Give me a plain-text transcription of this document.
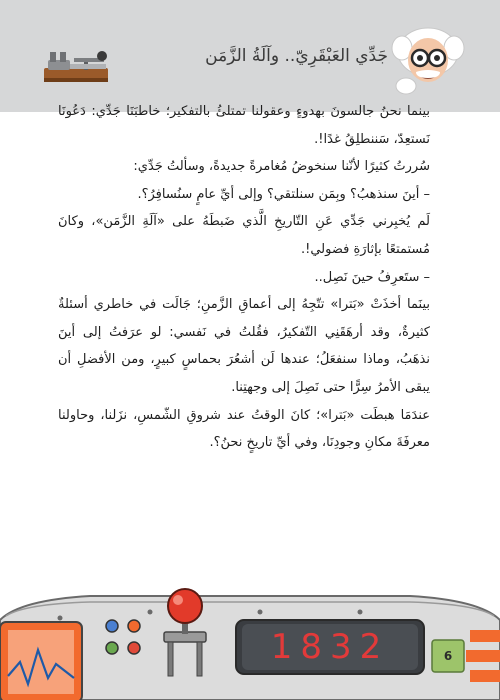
جَدِّي العَبْقَرِيّ.. وآلَةُ الزَّمَن

بينما نحنُ جالسونَ بهدوءٍ وعقولنا تمتلئُ بالتفكير؛ خاطبَنَا جَدِّي: دَعُونَا نَستعِدّ، سَننطلِقُ غدًا!.

سُررتُ كثيرًا لأنّنا سنخوضُ مُغامرةً جديدةً، وسألتُ جَدِّي:

– أينَ سنذهبُ؟ وبِمَن سنلتقي؟ وإلى أيِّ عامٍ سنُسافِرُ؟.

لَم يُخبِرني جَدِّي عَنِ التّاريخِ الَّذي ضَبطَهُ على «آلَةِ الزَّمَن»، وكانَ مُستمتعًا بإثارَةِ فضولي!.

– ستَعرِفُ حينَ نَصِل..

بينَما أخذَتْ «بَترا» تتّجِهُ إلى أعماقِ الزَّمنِ؛ جَالَت في خاطري أسئلةٌ كثيرةٌ، وقد أرهَقَنِي التّفكيرُ، فقُلتُ في نَفسي: لو عرَفتُ إلى أينَ نذهَبُ، وماذا سنفعَلُ؛ عندها لَن أشعُرَ بحماسٍ كبيرٍ، ومن الأفضلِ أن يبقى الأمرُ سِرًّا حتى نَصِلَ إلى وجهتِنا.

عندَمَا هبطَت «بَترا»؛ كانَ الوقتُ عند شروقِ الشّمسِ، نزَلنا، وحاولنا معرفَةَ مكانِ وجودِنَا، وفي أيِّ تاريخٍ نحنُ؟.

1832	6
